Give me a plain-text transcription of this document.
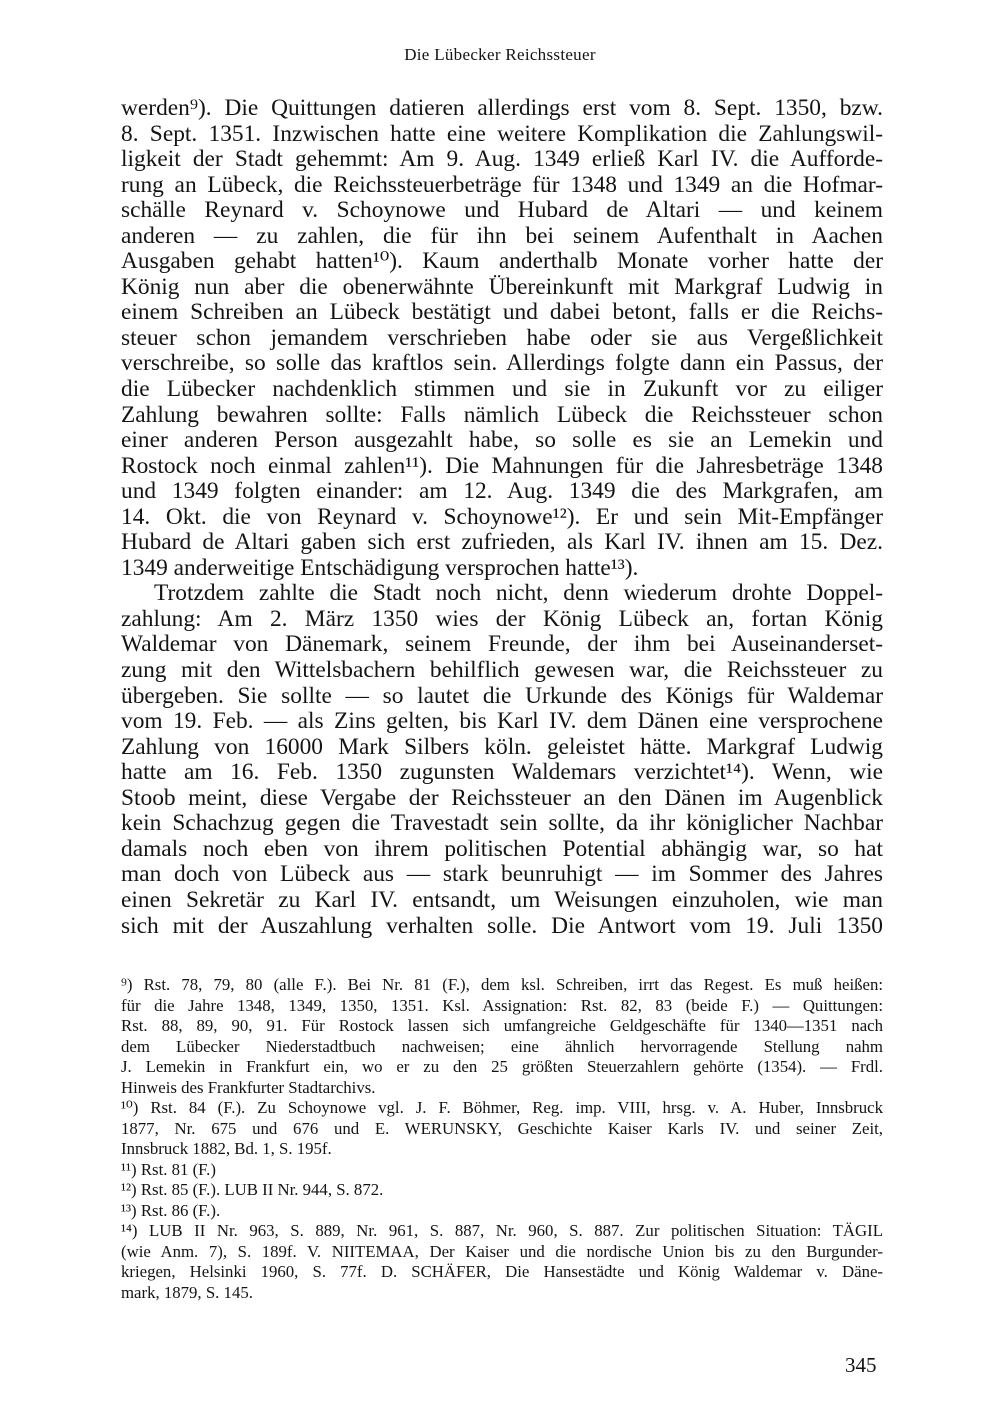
Die Lübecker Reichssteuer
werden⁹). Die Quittungen datieren allerdings erst vom 8. Sept. 1350, bzw.
8. Sept. 1351. Inzwischen hatte eine weitere Komplikation die Zahlungswil-
ligkeit der Stadt gehemmt: Am 9. Aug. 1349 erließ Karl IV. die Aufforde-
rung an Lübeck, die Reichssteuerbeträge für 1348 und 1349 an die Hofmar-
schälle Reynard v. Schoynowe und Hubard de Altari — und keinem
anderen — zu zahlen, die für ihn bei seinem Aufenthalt in Aachen
Ausgaben gehabt hatten¹⁰). Kaum anderthalb Monate vorher hatte der
König nun aber die obenerwähnte Übereinkunft mit Markgraf Ludwig in
einem Schreiben an Lübeck bestätigt und dabei betont, falls er die Reichs-
steuer schon jemandem verschrieben habe oder sie aus Vergeßlichkeit
verschreibe, so solle das kraftlos sein. Allerdings folgte dann ein Passus, der
die Lübecker nachdenklich stimmen und sie in Zukunft vor zu eiliger
Zahlung bewahren sollte: Falls nämlich Lübeck die Reichssteuer schon
einer anderen Person ausgezahlt habe, so solle es sie an Lemekin und
Rostock noch einmal zahlen¹¹). Die Mahnungen für die Jahresbeträge 1348
und 1349 folgten einander: am 12. Aug. 1349 die des Markgrafen, am
14. Okt. die von Reynard v. Schoynowe¹²). Er und sein Mit-Empfänger
Hubard de Altari gaben sich erst zufrieden, als Karl IV. ihnen am 15. Dez.
1349 anderweitige Entschädigung versprochen hatte¹³).
Trotzdem zahlte die Stadt noch nicht, denn wiederum drohte Doppel-
zahlung: Am 2. März 1350 wies der König Lübeck an, fortan König
Waldemar von Dänemark, seinem Freunde, der ihm bei Auseinanderset-
zung mit den Wittelsbachern behilflich gewesen war, die Reichssteuer zu
übergeben. Sie sollte — so lautet die Urkunde des Königs für Waldemar
vom 19. Feb. — als Zins gelten, bis Karl IV. dem Dänen eine versprochene
Zahlung von 16000 Mark Silbers köln. geleistet hätte. Markgraf Ludwig
hatte am 16. Feb. 1350 zugunsten Waldemars verzichtet¹⁴). Wenn, wie
Stoob meint, diese Vergabe der Reichssteuer an den Dänen im Augenblick
kein Schachzug gegen die Travestadt sein sollte, da ihr königlicher Nachbar
damals noch eben von ihrem politischen Potential abhängig war, so hat
man doch von Lübeck aus — stark beunruhigt — im Sommer des Jahres
einen Sekretär zu Karl IV. entsandt, um Weisungen einzuholen, wie man
sich mit der Auszahlung verhalten solle. Die Antwort vom 19. Juli 1350
⁹) Rst. 78, 79, 80 (alle F.). Bei Nr. 81 (F.), dem ksl. Schreiben, irrt das Regest. Es muß heißen:
für die Jahre 1348, 1349, 1350, 1351. Ksl. Assignation: Rst. 82, 83 (beide F.) — Quittungen:
Rst. 88, 89, 90, 91. Für Rostock lassen sich umfangreiche Geldgeschäfte für 1340—1351 nach
dem Lübecker Niederstadtbuch nachweisen; eine ähnlich hervorragende Stellung nahm
J. Lemekin in Frankfurt ein, wo er zu den 25 größten Steuerzahlern gehörte (1354). — Frdl.
Hinweis des Frankfurter Stadtarchivs.
¹⁰) Rst. 84 (F.). Zu Schoynowe vgl. J. F. Böhmer, Reg. imp. VIII, hrsg. v. A. Huber, Innsbruck
1877, Nr. 675 und 676 und E. WERUNSKY, Geschichte Kaiser Karls IV. und seiner Zeit,
Innsbruck 1882, Bd. 1, S. 195f.
¹¹) Rst. 81 (F.)
¹²) Rst. 85 (F.). LUB II Nr. 944, S. 872.
¹³) Rst. 86 (F.).
¹⁴) LUB II Nr. 963, S. 889, Nr. 961, S. 887, Nr. 960, S. 887. Zur politischen Situation: TÄGIL
(wie Anm. 7), S. 189f. V. NIITEMAA, Der Kaiser und die nordische Union bis zu den Burgunder-
kriegen, Helsinki 1960, S. 77f. D. SCHÄFER, Die Hansestädte und König Waldemar v. Däne-
mark, 1879, S. 145.
345
